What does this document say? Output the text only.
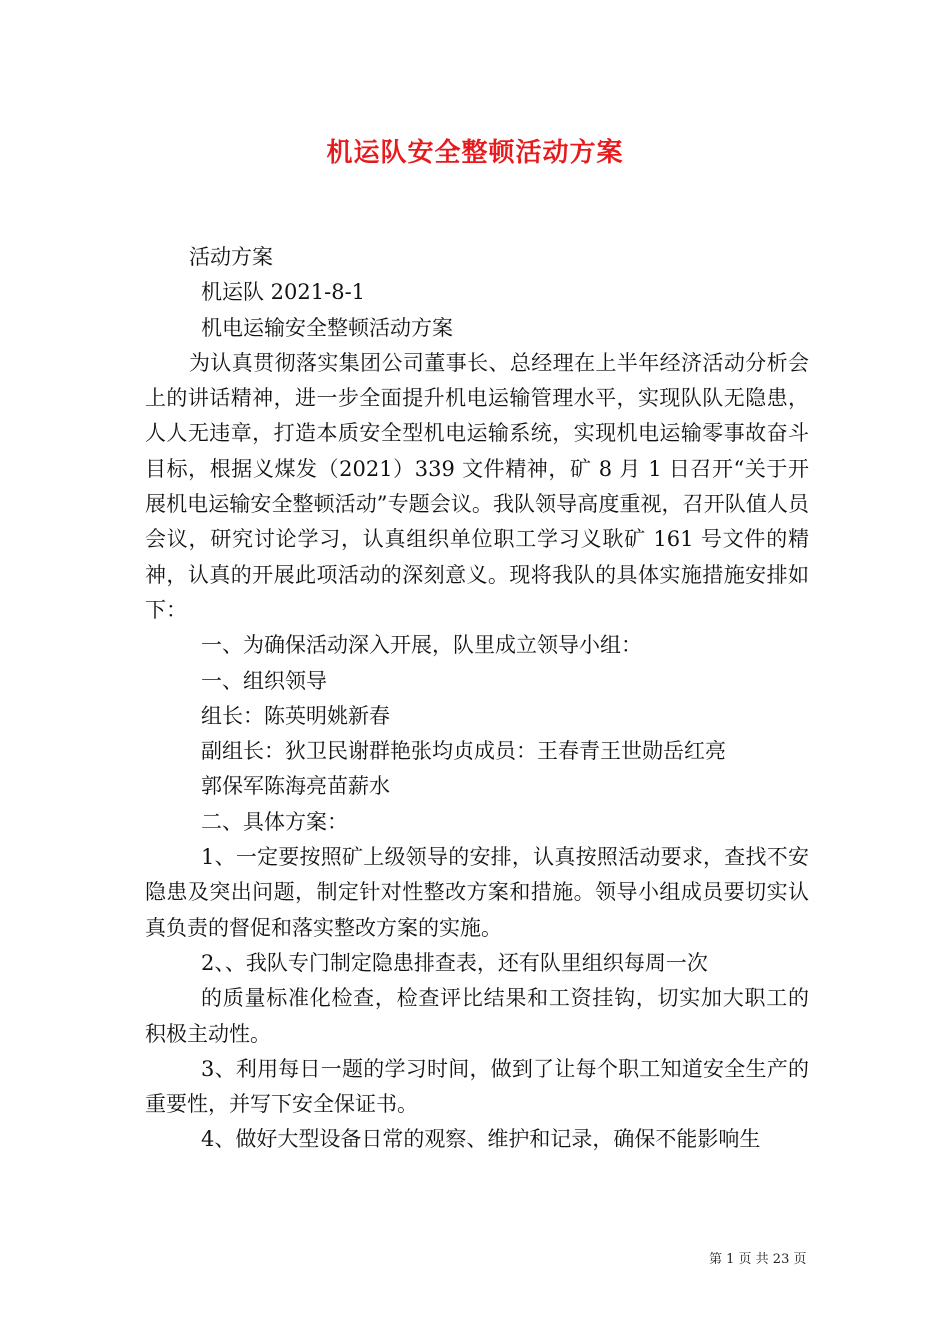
机运队安全整顿活动方案

活动方案

机运队 2021-8-1

机电运输安全整顿活动方案

为认真贯彻落实集团公司董事长、总经理在上半年经济活动分析会上的讲话精神，进一步全面提升机电运输管理水平，实现队队无隐患，人人无违章，打造本质安全型机电运输系统，实现机电运输零事故奋斗目标，根据义煤发（2021）339 文件精神，矿 8 月 1 日召开“关于开展机电运输安全整顿活动”专题会议。我队领导高度重视，召开队值人员会议，研究讨论学习，认真组织单位职工学习义耿矿 161 号文件的精神，认真的开展此项活动的深刻意义。现将我队的具体实施措施安排如下：

一、为确保活动深入开展，队里成立领导小组：

一、组织领导

组长：陈英明姚新春

副组长：狄卫民谢群艳张均贞成员：王春青王世勋岳红亮

郭保军陈海亮苗薪水

二、具体方案：

1、一定要按照矿上级领导的安排，认真按照活动要求，查找不安隐患及突出问题，制定针对性整改方案和措施。领导小组成员要切实认真负责的督促和落实整改方案的实施。

2、、我队专门制定隐患排查表，还有队里组织每周一次

的质量标准化检查，检查评比结果和工资挂钩，切实加大职工的积极主动性。

3、利用每日一题的学习时间，做到了让每个职工知道安全生产的重要性，并写下安全保证书。

4、做好大型设备日常的观察、维护和记录，确保不能影响生

第 1 页 共 23 页
